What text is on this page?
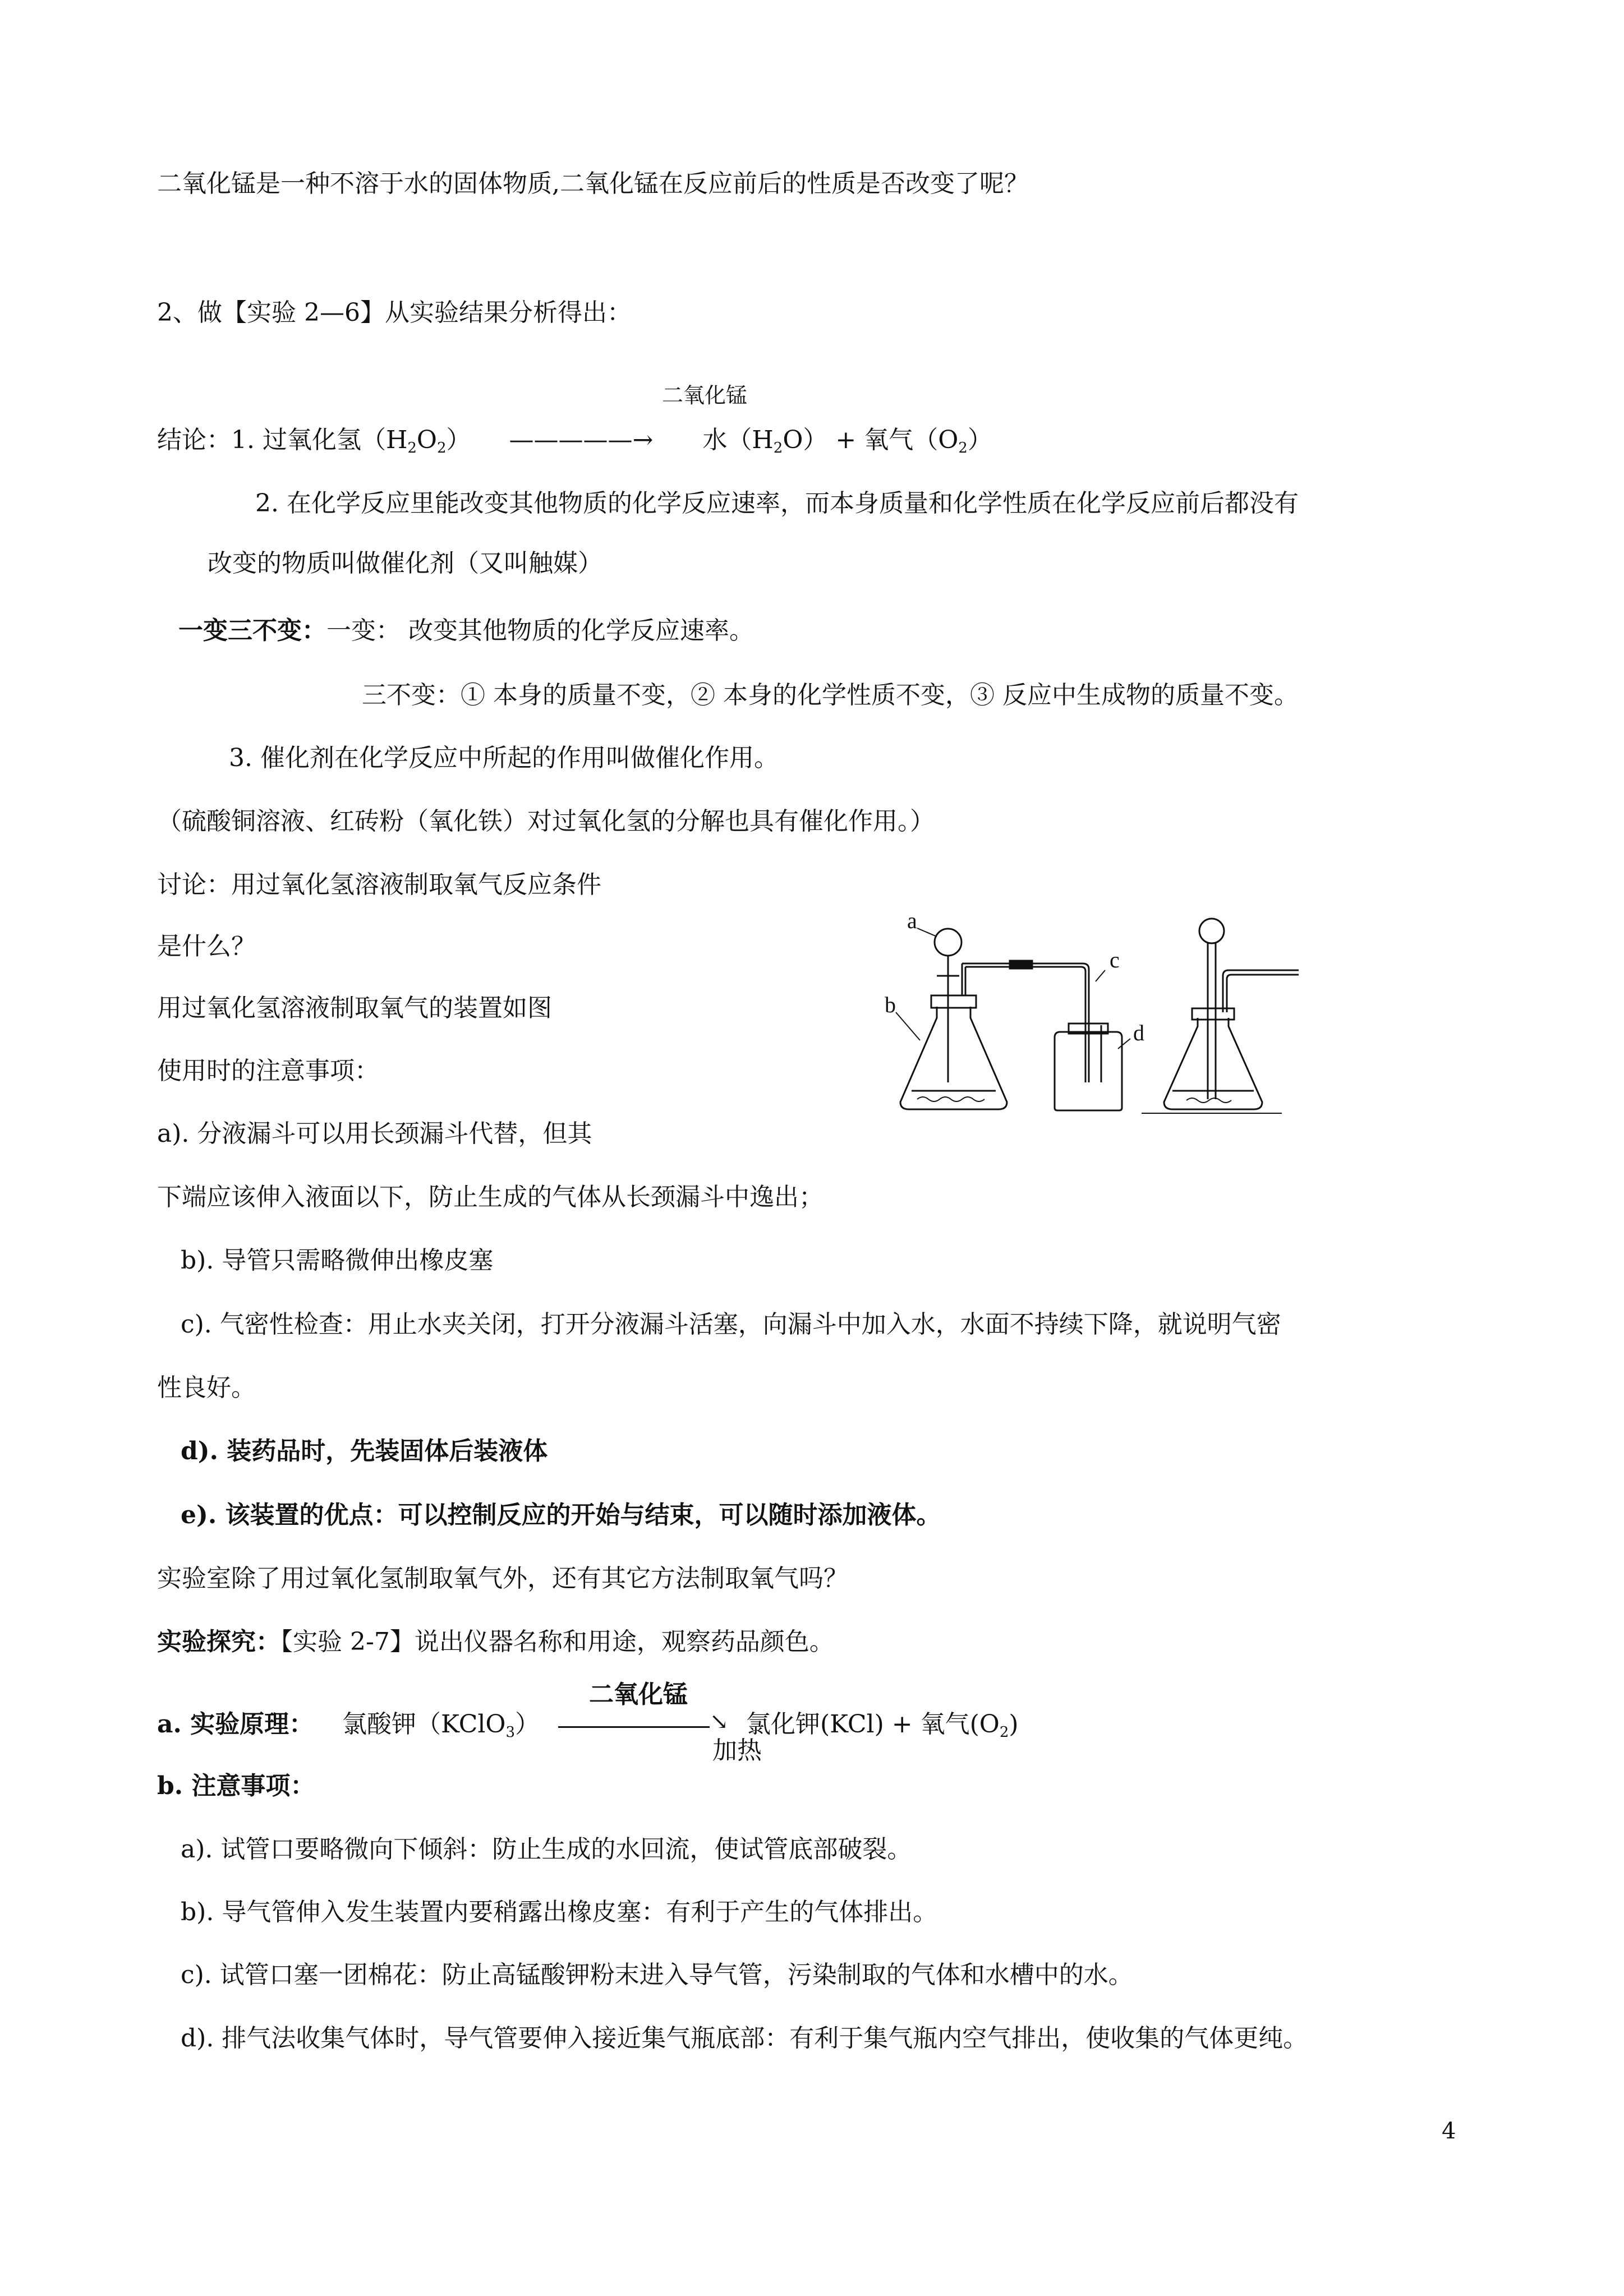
二氧化锰是一种不溶于水的固体物质,二氧化锰在反应前后的性质是否改变了呢？

2、做【实验 2—6】从实验结果分析得出：

二氧化锰

结论：1. 过氧化氢$(H_2O_2)$ —————→ 水$(H_2O)$ + 氧气$(O_2)$

2. 在化学反应里能改变其他物质的化学反应速率，而本身质量和化学性质在化学反应前后都没有

改变的物质叫做催化剂（又叫触媒）

一变三不变：一变： 改变其他物质的化学反应速率。

三不变：① 本身的质量不变，② 本身的化学性质不变，③ 反应中生成物的质量不变。

3. 催化剂在化学反应中所起的作用叫做催化作用。

（硫酸铜溶液、红砖粉（氧化铁）对过氧化氢的分解也具有催化作用。）

讨论：用过氧化氢溶液制取氧气反应条件

是什么？

用过氧化氢溶液制取氧气的装置如图

使用时的注意事项：

a). 分液漏斗可以用长颈漏斗代替，但其

下端应该伸入液面以下，防止生成的气体从长颈漏斗中逸出；

b). 导管只需略微伸出橡皮塞

c). 气密性检查：用止水夹关闭，打开分液漏斗活塞，向漏斗中加入水，水面不持续下降，就说明气密

性良好。

d). 装药品时，先装固体后装液体

e). 该装置的优点：可以控制反应的开始与结束，可以随时添加液体。

实验室除了用过氧化氢制取氧气外，还有其它方法制取氧气吗？

实验探究：【实验 2-7】说出仪器名称和用途，观察药品颜色。

a. 实验原理： 氯酸钾（KClO$_3$）

二氧化锰

↘

加热

氯化钾(KCl) + 氧气$(O_2)$

b. 注意事项：

a). 试管口要略微向下倾斜：防止生成的水回流，使试管底部破裂。

b). 导气管伸入发生装置内要稍露出橡皮塞：有利于产生的气体排出。

c). 试管口塞一团棉花：防止高锰酸钾粉末进入导气管，污染制取的气体和水槽中的水。

d). 排气法收集气体时，导气管要伸入接近集气瓶底部：有利于集气瓶内空气排出，使收集的气体更纯。

a
b
c
d

4
